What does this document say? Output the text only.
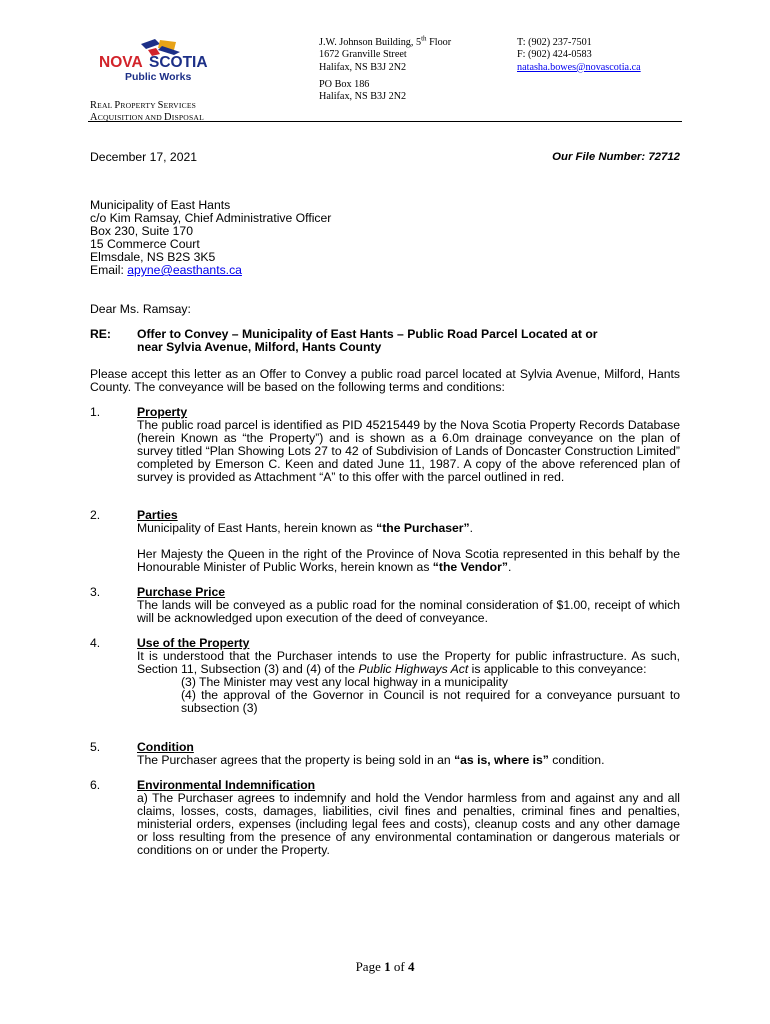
NOVA SCOTIA
Public Works
J.W. Johnson Building, 5th Floor
1672 Granville Street
Halifax, NS B3J 2N2
PO Box 186
Halifax, NS B3J 2N2
T: (902) 237-7501
F: (902) 424-0583
natasha.bowes@novascotia.ca
REAL PROPERTY SERVICES
ACQUISITION AND DISPOSAL
December 17, 2021	Our File Number: 72712
Municipality of East Hants
c/o Kim Ramsay, Chief Administrative Officer
Box 230, Suite 170
15 Commerce Court
Elmsdale, NS B2S 3K5
Email: apyne@easthants.ca
Dear Ms. Ramsay:
RE: Offer to Convey – Municipality of East Hants – Public Road Parcel Located at or
near Sylvia Avenue, Milford, Hants County
Please accept this letter as an Offer to Convey a public road parcel located at Sylvia Avenue, Milford, Hants County. The conveyance will be based on the following terms and conditions:
1.	Property
The public road parcel is identified as PID 45215449 by the Nova Scotia Property Records Database (herein Known as “the Property”) and is shown as a 6.0m drainage conveyance on the plan of survey titled “Plan Showing Lots 27 to 42 of Subdivision of Lands of Doncaster Construction Limited” completed by Emerson C. Keen and dated June 11, 1987. A copy of the above referenced plan of survey is provided as Attachment “A” to this offer with the parcel outlined in red.
2.	Parties
Municipality of East Hants, herein known as “the Purchaser”.
Her Majesty the Queen in the right of the Province of Nova Scotia represented in this behalf by the Honourable Minister of Public Works, herein known as “the Vendor”.
3.	Purchase Price
The lands will be conveyed as a public road for the nominal consideration of $1.00, receipt of which will be acknowledged upon execution of the deed of conveyance.
4.	Use of the Property
It is understood that the Purchaser intends to use the Property for public infrastructure. As such, Section 11, Subsection (3) and (4) of the Public Highways Act is applicable to this conveyance:
(3) The Minister may vest any local highway in a municipality
(4) the approval of the Governor in Council is not required for a conveyance pursuant to subsection (3)
5.	Condition
The Purchaser agrees that the property is being sold in an “as is, where is” condition.
6.	Environmental Indemnification
a) The Purchaser agrees to indemnify and hold the Vendor harmless from and against any and all claims, losses, costs, damages, liabilities, civil fines and penalties, criminal fines and penalties, ministerial orders, expenses (including legal fees and costs), cleanup costs and any other damage or loss resulting from the presence of any environmental contamination or dangerous materials or conditions on or under the Property.
Page 1 of 4
